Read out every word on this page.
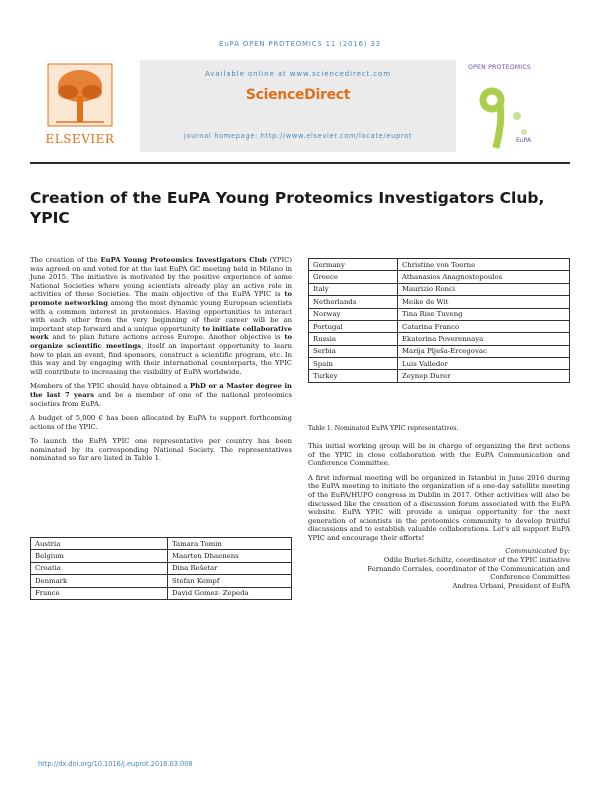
EuPA OPEN PROTEOMICS 11 (2016) 33
ELSEVIER
Available online at www.sciencedirect.com
ScienceDirect
journal homepage: http://www.elsevier.com/locate/euprot
OPEN PROTEOMICS
EuPA
Creation of the EuPA Young Proteomics Investigators Club, YPIC

The creation of the EuPA Young Proteomics Investigators Club (YPIC) was agreed on and voted for at the last EuPA GC meeting held in Milano in June 2015. The initiative is motivated by the positive experience of some National Societies where young scientists already play an active role in activities of these Societies. The main objective of the EuPA YPIC is to promote networking among the most dynamic young European scientists with a common interest in proteomics. Having opportunities to interact with each other from the very beginning of their career will be an important step forward and a unique opportunity to initiate collaborative work and to plan future actions across Europe. Another objective is to organize scientific meetings, itself an important opportunity to learn how to plan an event, find sponsors, construct a scientific program, etc. In this way and by engaging with their international counterparts, the YPIC will contribute to increasing the visibility of EuPA worldwide.

Members of the YPIC should have obtained a PhD or a Master degree in the last 7 years and be a member of one of the national proteomics societies from EuPA.

A budget of 5,000 € has been allocated by EuPA to support forthcoming actions of the YPIC.

To launch the EuPA YPIC one representative per country has been nominated by its corresponding National Society. The representatives nominated so far are listed in Table 1.

Austria	Tamara Tomin
Belgium	Maarten Dhaenens
Croatia	Dina Rešetar
Denmark	Stefan Kempf
France	David Gomez- Zepeda
Germany	Christine von Toerne
Greece	Athanasios Anagnostopoulos
Italy	Maurizio Ronci
Netherlands	Meike de Wit
Norway	Tina Rise Tuveng
Portugal	Catarina Franco
Russia	Ekaterina Poverennaya
Serbia	Marija Plješa-Ercegovac
Spain	Luis Valledor
Turkey	Zeynep Durer
Table 1. Nominated EuPA YPIC representatives.

This initial working group will be in charge of organizing the first actions of the YPIC in close collaboration with the EuPA Communication and Conference Committee.

A first informal meeting will be organized in Istanbul in June 2016 during the EuPA meeting to initiate the organization of a one-day satellite meeting of the EuPA/HUPO congress in Dublin in 2017. Other activities will also be discussed like the creation of a discussion forum associated with the EuPA website. EuPA YPIC will provide a unique opportunity for the next generation of scientists in the proteomics community to develop fruitful discussions and to establish valuable collaborations. Let's all support EuPA YPIC and encourage their efforts!

Communicated by:
Odile Burlet-Schiltz, coordinator of the YPIC initiative
Fernando Corrales, coordinator of the Communication and
Conference Committee
Andrea Urbani, President of EuPA
http://dx.doi.org/10.1016/j.euprot.2016.03.008
